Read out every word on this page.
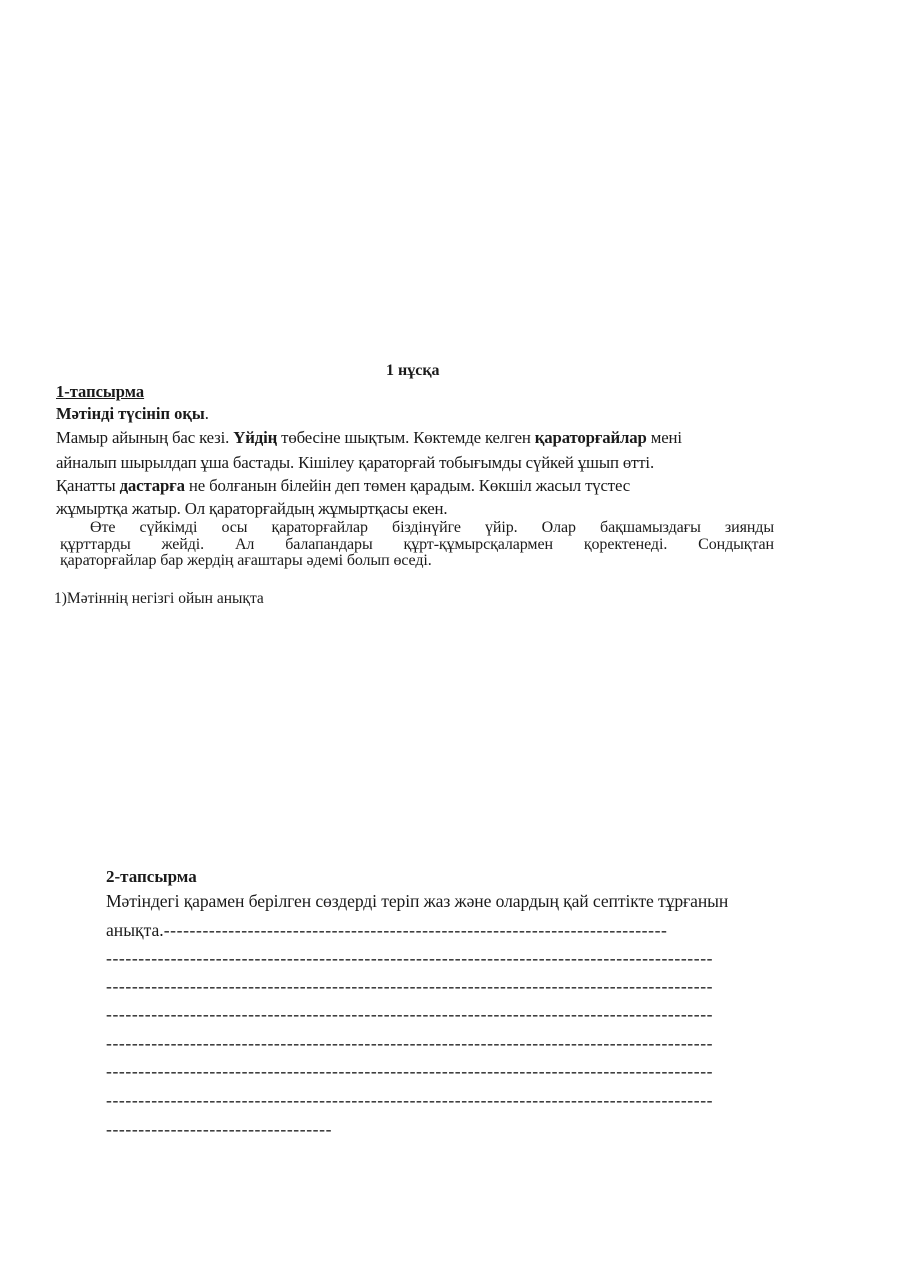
1 нұсқа
1-тапсырма
Мәтінді түсініп оқы.
Мамыр айының бас кезі. Үйдің төбесіне шықтым. Көктемде келген қараторғайлар мені
айналып шырылдап ұша бастады. Кішілеу қараторғай тобығымды сүйкей ұшып өтті.
Қанатты дастарға не болғанын білейін деп төмен қарадым. Көкшіл жасыл түстес
жұмыртқа жатыр. Ол қараторғайдың жұмыртқасы екен.
Өте сүйкімді осы қараторғайлар біздінүйге үйір. Олар бақшамыздағы зиянды
құрттарды жейді. Ал балапандары құрт-құмырсқалармен қоректенеді. Сондықтан
қараторғайлар бар жердің ағаштары әдемі болып өседі.
1)Мәтіннің негізгі ойын анықта
2-тапсырма
Мәтіндегі қарамен берілген сөздерді теріп жаз және олардың қай септікте тұрғанын
анықта.------------------------------------------------------------------------------
----------------------------------------------------------------------------------------------
----------------------------------------------------------------------------------------------
----------------------------------------------------------------------------------------------
----------------------------------------------------------------------------------------------
----------------------------------------------------------------------------------------------
----------------------------------------------------------------------------------------------
-----------------------------------
